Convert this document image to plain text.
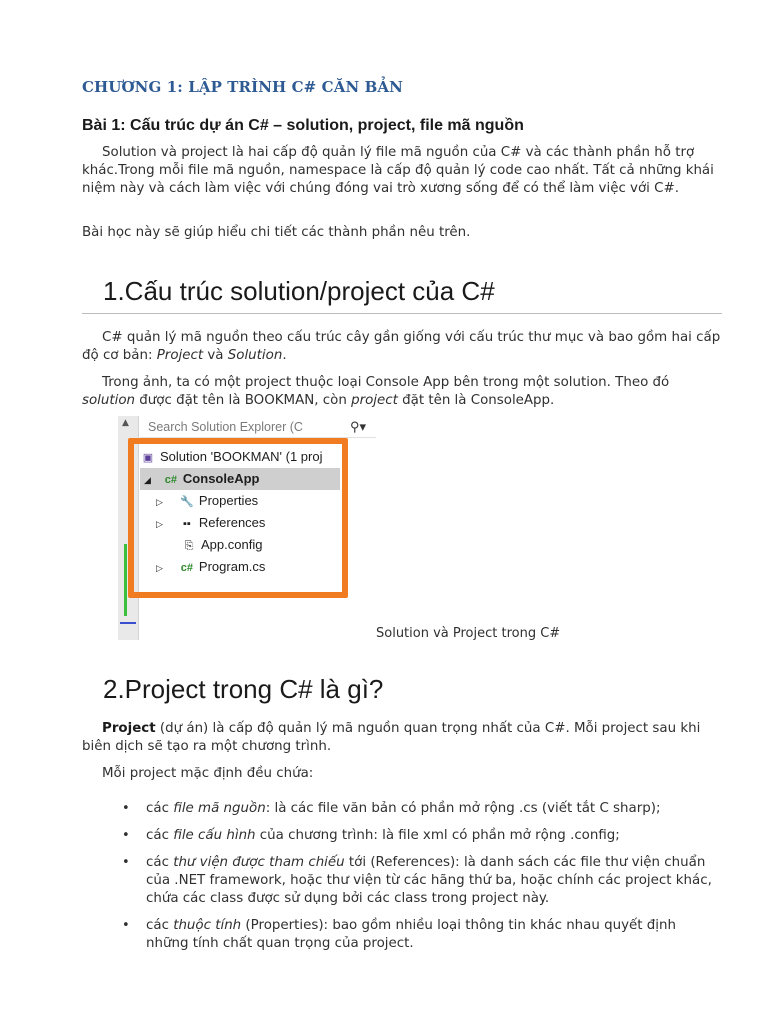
CHƯƠNG 1: LẬP TRÌNH C# CĂN BẢN
Bài 1: Cấu trúc dự án C# – solution, project, file mã nguồn
Solution và project là hai cấp độ quản lý file mã nguồn của C# và các thành phần hỗ trợ khác.Trong mỗi file mã nguồn, namespace là cấp độ quản lý code cao nhất. Tất cả những khái niệm này và cách làm việc với chúng đóng vai trò xương sống để có thể làm việc với C#.
Bài học này sẽ giúp hiểu chi tiết các thành phần nêu trên.
1.Cấu trúc solution/project của C#
C# quản lý mã nguồn theo cấu trúc cây gần giống với cấu trúc thư mục và bao gồm hai cấp độ cơ bản: Project và Solution.
Trong ảnh, ta có một project thuộc loại Console App bên trong một solution. Theo đó solution được đặt tên là BOOKMAN, còn project đặt tên là ConsoleApp.
▲	Search Solution Explorer (C	⚲▾
▣ Solution 'BOOKMAN' (1 proj
◢ c# ConsoleApp
▷ 🔧 Properties
▷ ▪▪ References
⎘ App.config
▷ c# Program.cs
Solution và Project trong C#
2.Project trong C# là gì?
Project (dự án) là cấp độ quản lý mã nguồn quan trọng nhất của C#. Mỗi project sau khi biên dịch sẽ tạo ra một chương trình.
Mỗi project mặc định đều chứa:
• các file mã nguồn: là các file văn bản có phần mở rộng .cs (viết tắt C sharp);
• các file cấu hình của chương trình: là file xml có phần mở rộng .config;
• các thư viện được tham chiếu tới (References): là danh sách các file thư viện chuẩn của .NET framework, hoặc thư viện từ các hãng thứ ba, hoặc chính các project khác, chứa các class được sử dụng bởi các class trong project này.
• các thuộc tính (Properties): bao gồm nhiều loại thông tin khác nhau quyết định những tính chất quan trọng của project.
